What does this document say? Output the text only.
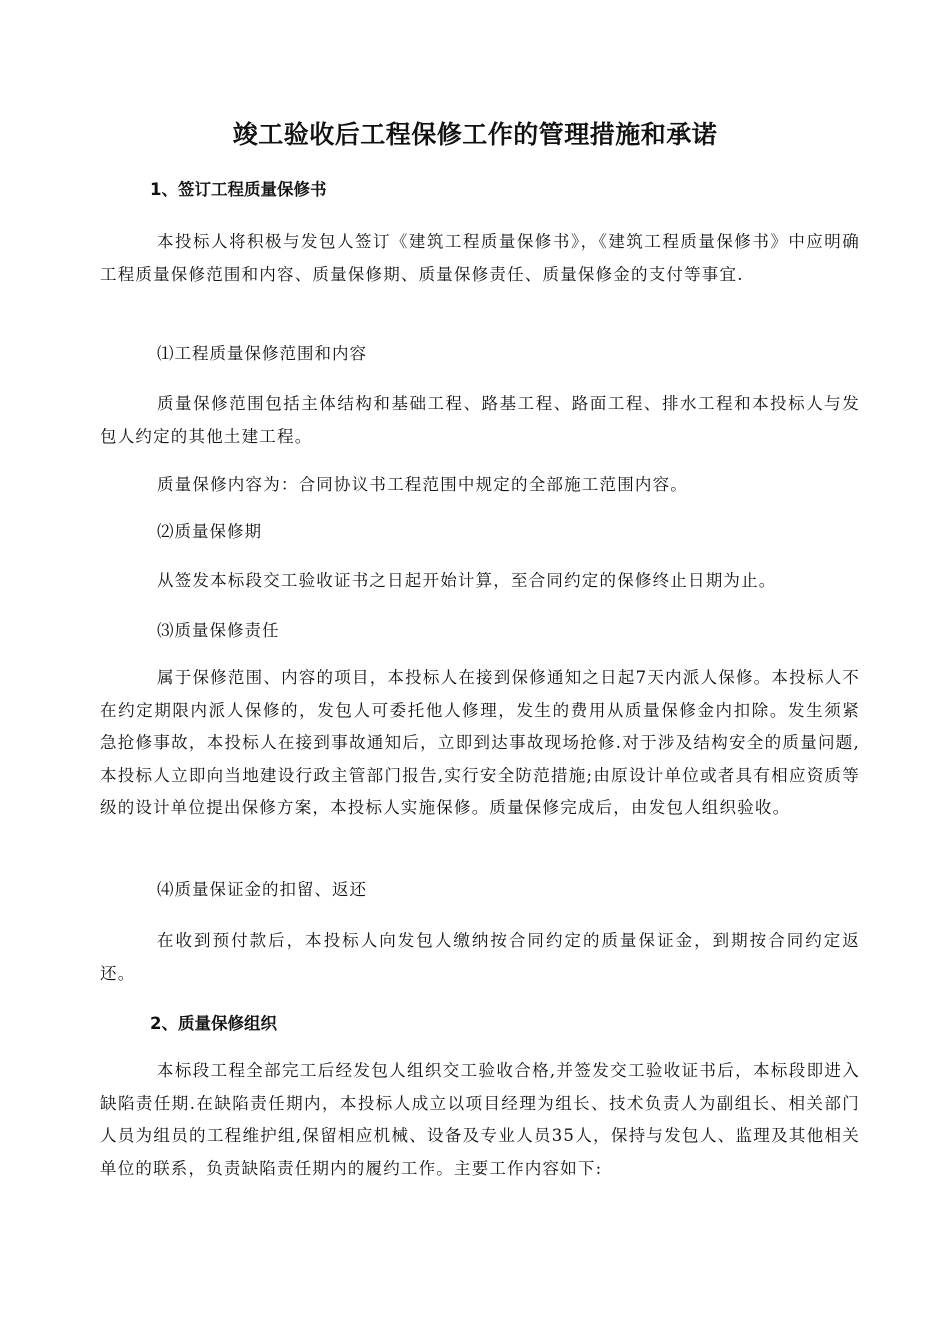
竣工验收后工程保修工作的管理措施和承诺
1、签订工程质量保修书

本投标人将积极与发包人签订《建筑工程质量保修书》，《建筑工程质量保修书》中应明确工程质量保修范围和内容、质量保修期、质量保修责任、质量保修金的支付等事宜.

⑴工程质量保修范围和内容

质量保修范围包括主体结构和基础工程、路基工程、路面工程、排水工程和本投标人与发包人约定的其他土建工程。

质量保修内容为：合同协议书工程范围中规定的全部施工范围内容。

⑵质量保修期

从签发本标段交工验收证书之日起开始计算，至合同约定的保修终止日期为止。

⑶质量保修责任

属于保修范围、内容的项目，本投标人在接到保修通知之日起7天内派人保修。本投标人不在约定期限内派人保修的，发包人可委托他人修理，发生的费用从质量保修金内扣除。发生须紧急抢修事故，本投标人在接到事故通知后，立即到达事故现场抢修.对于涉及结构安全的质量问题,本投标人立即向当地建设行政主管部门报告,实行安全防范措施;由原设计单位或者具有相应资质等级的设计单位提出保修方案，本投标人实施保修。质量保修完成后，由发包人组织验收。

⑷质量保证金的扣留、返还

在收到预付款后，本投标人向发包人缴纳按合同约定的质量保证金，到期按合同约定返还。

2、质量保修组织

本标段工程全部完工后经发包人组织交工验收合格,并签发交工验收证书后，本标段即进入缺陷责任期.在缺陷责任期内，本投标人成立以项目经理为组长、技术负责人为副组长、相关部门人员为组员的工程维护组,保留相应机械、设备及专业人员35人，保持与发包人、监理及其他相关单位的联系，负责缺陷责任期内的履约工作。主要工作内容如下:
